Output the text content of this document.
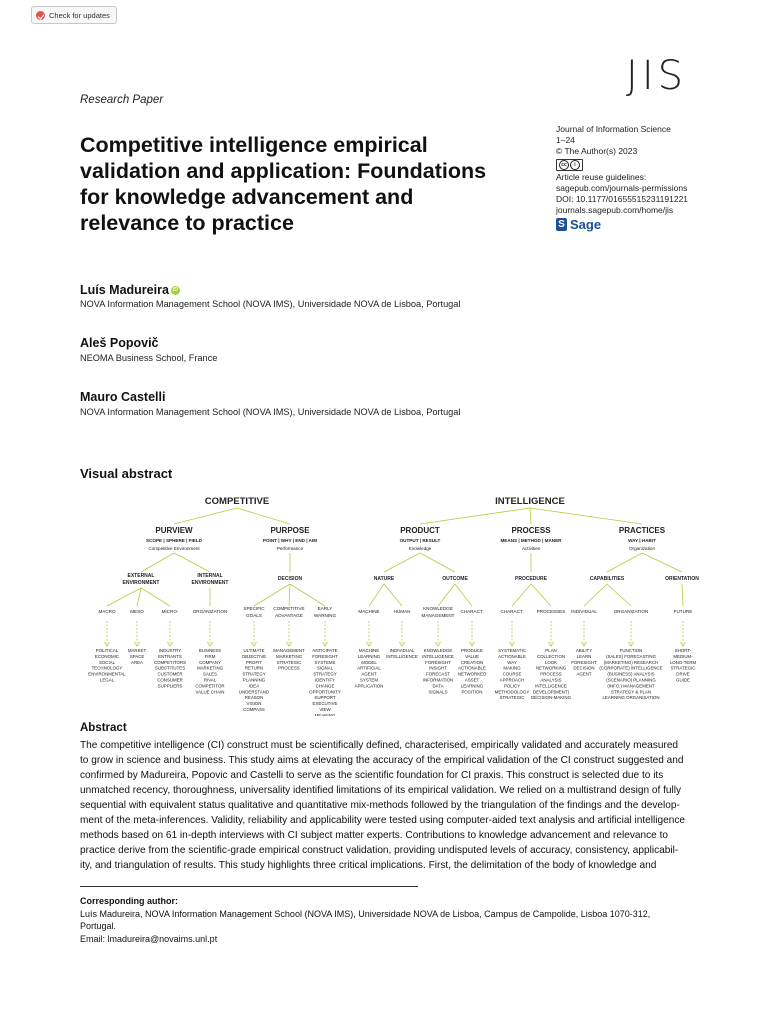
Check for updates
JIS
Research Paper
Competitive intelligence empirical
validation and application: Foundations
for knowledge advancement and
relevance to practice
Journal of Information Science
1–24
© The Author(s) 2023
cc	i
Article reuse guidelines:
sagepub.com/journals-permissions
DOI: 10.1177/01655515231191221
journals.sagepub.com/home/jis
S Sage
Luís Madureira iD
NOVA Information Management School (NOVA IMS), Universidade NOVA de Lisboa, Portugal
Aleš Popovič
NEOMA Business School, France
Mauro Castelli
NOVA Information Management School (NOVA IMS), Universidade NOVA de Lisboa, Portugal
Visual abstract
COMPETITIVE	INTELLIGENCE
PURVIEW
SCOPE | SPHERE | FIELD
Competitive Environment
PURPOSE
POINT | WHY | END | AIM
Performance
PRODUCT
OUTPUT | RESULT
Knowledge
PROCESS
MEANS | METHOD | MANER
Activities
PRACTICES
WAY | HABIT
Organization
EXTERNAL
ENVIRONMENT
INTERNAL
ENVIRONMENT
DECISION	NATURE	OUTCOME	PROCEDURE	CAPABILITIES	ORIENTATION
MACRO	MESO	MICRO-	ORGANIZATION
SPECIFIC
GOALS
COMPETITIVE
ADVANTAGE
EARLY
WARNING
MACHINE	HUMAN
KNOWLEDGE
MANAGEMENT
CHARACT.	CHARACT.	PROCESSES INDIVIDUAL	ORGANIZATION	FUTURE
POLITICAL
ECONOMIC
SOCIAL
TECHNOLOGY
ENVIRONMENTAL
LEGAL
MARKET
SPACE
AREA
INDUSTRY
ENTRANTS
COMPETITORS
SUBSTITUTES
CUSTOMER
CONSUMER
SUPPLIERS
BUSINESS
FIRM
COMPANY
MARKETING
SALES
RIVAL
COMPETITOR
VALUE CHAIN
ULTIMATE
OBJECTIVE
PROFIT
RETURN
STRATEGY
PLANNING
IDEA
UNDERSTAND
REASON
VISION
COMPASS
MANAGEMENT
MARKETING
STRATEGIC
PROCESS
ANTICIPATE
FORESIGHT
SYSTEMS
SIGNAL
STRATEGY
IDENTIFY
CHANGE
OPPORTUNITY
SUPPORT
EXECUTIVE
VIEW
MEANING
MACHINE
LEARNING
MODEL
ARTIFICIAL
AGENT
SYSTEM
APPLICATION
INDIVIDUAL
INTELLIGENCE
KNOWLEDGE
INTELLIGENCE
FORESIGHT
INSIGHT
FORECAST
INFORMATION
DATA
SIGNALS
PRODUCE
VALUE
CREATION
ACTIONABLE
NETWORKED
ASSET
LEARNING
POSITION
SYSTEMATIC
ACTIONABLE
WAY
MAKING
COURSE
APPROACH
POLICY
METHODOLOGY
STRATEGIC
PLAN
COLLECTION
LOOK
NETWORKING
PROCESS
ANALYSIS
INTELLIGENCE
DEVELOP(MENT)
DECISION-MAKING
ABILITY
LEARN
FORESIGHT
DECISION
AGENT
FUNCTION
(SALES) FORECASTING
(MARKETING) RESEARCH
(CORPORATE) INTELLIGENCE
(BUSINESS) ANALYSIS
(SCENARIO) PLANNING
(INFO.) MANAGEMENT
STRATEGY & PLAN
LEARNING ORGANISATION
SHORT-
MEDIUM-
LONG-TERM
STRATEGIC
DRIVE
GUIDE
Abstract
The competitive intelligence (CI) construct must be scientifically defined, characterised, empirically validated and accurately measured
to grow in science and business. This study aims at elevating the accuracy of the empirical validation of the CI construct suggested and
confirmed by Madureira, Popovic and Castelli to serve as the scientific foundation for CI praxis. This construct is selected due to its
unmatched recency, thoroughness, universality identified limitations of its empirical validation. We relied on a multistrand design of fully
sequential with equivalent status qualitative and quantitative mix-methods followed by the triangulation of the findings and the develop-
ment of the meta-inferences. Validity, reliability and applicability were tested using computer-aided text analysis and artificial intelligence
methods based on 61 in-depth interviews with CI subject matter experts. Contributions to knowledge advancement and relevance to
practice derive from the scientific-grade empirical construct validation, providing undisputed levels of accuracy, consistency, applicabil-
ity, and triangulation of results. This study highlights three critical implications. First, the delimitation of the body of knowledge and
Corresponding author:
Luís Madureira, NOVA Information Management School (NOVA IMS), Universidade NOVA de Lisboa, Campus de Campolide, Lisboa 1070-312,
Portugal.
Email: lmadureira@novaims.unl.pt
